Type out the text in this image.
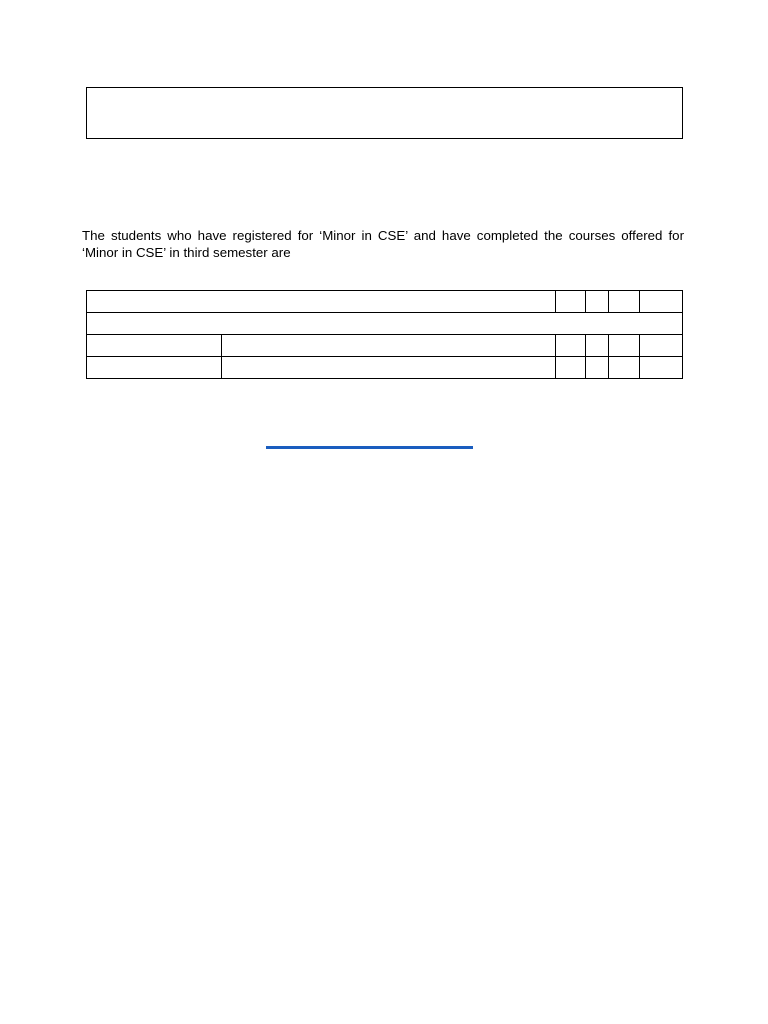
The students who have registered for ‘Minor in CSE’ and have completed the courses offered for ‘Minor in CSE’ in third semester are
